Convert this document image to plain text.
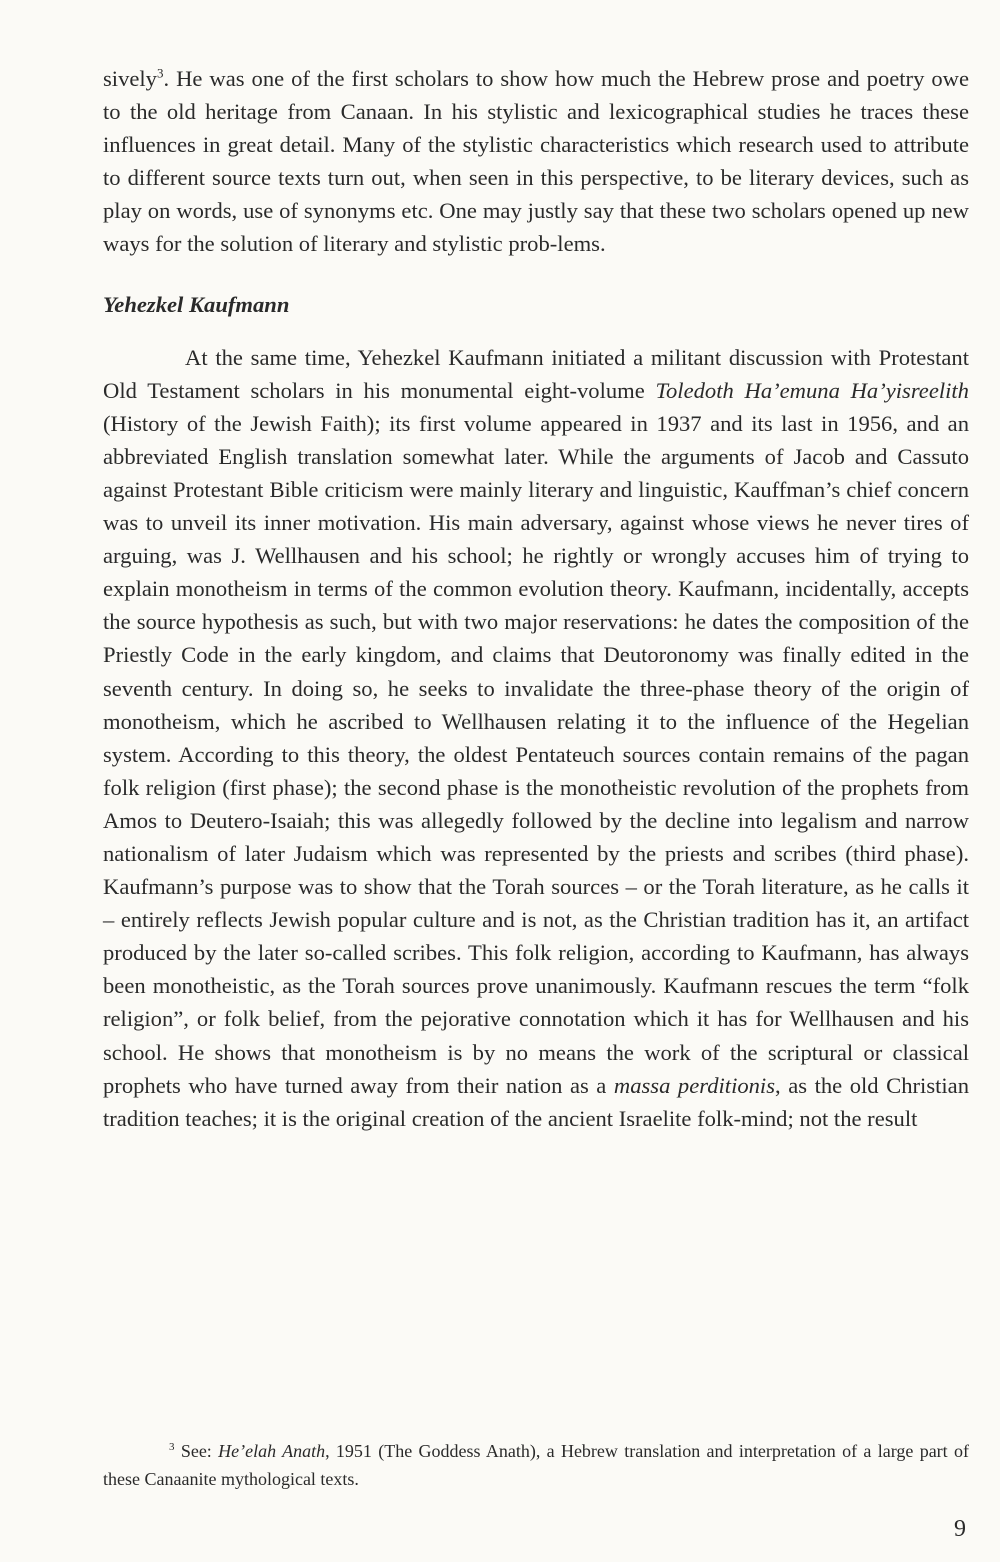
sively$^3$. He was one of the first scholars to show how much the Hebrew prose and poetry owe to the old heritage from Canaan. In his stylistic and lexicographical studies he traces these influences in great detail. Many of the stylistic characteristics which research used to attribute to different source texts turn out, when seen in this perspective, to be literary devices, such as play on words, use of synonyms etc. One may justly say that these two scholars opened up new ways for the solution of literary and stylistic prob-lems.

Yehezkel Kaufmann

At the same time, Yehezkel Kaufmann initiated a militant discussion with Protestant Old Testament scholars in his monumental eight-volume Toledoth Ha’emuna Ha’yisreelith (History of the Jewish Faith); its first volume appeared in 1937 and its last in 1956, and an abbreviated English translation somewhat later. While the arguments of Jacob and Cassuto against Protestant Bible criticism were mainly literary and linguistic, Kauffman’s chief concern was to unveil its inner motivation. His main adversary, against whose views he never tires of arguing, was J. Wellhausen and his school; he rightly or wrongly accuses him of trying to explain monotheism in terms of the common evolution theory. Kaufmann, incidentally, accepts the source hypothesis as such, but with two major reservations: he dates the composition of the Priestly Code in the early kingdom, and claims that Deutoronomy was finally edited in the seventh century. In doing so, he seeks to invalidate the three-phase theory of the origin of monotheism, which he ascribed to Wellhausen relating it to the influence of the Hegelian system. According to this theory, the oldest Pentateuch sources contain remains of the pagan folk religion (first phase); the second phase is the monotheistic revolution of the prophets from Amos to Deutero-Isaiah; this was allegedly followed by the decline into legalism and narrow nationalism of later Judaism which was represented by the priests and scribes (third phase). Kaufmann’s purpose was to show that the Torah sources – or the Torah literature, as he calls it – entirely reflects Jewish popular culture and is not, as the Christian tradition has it, an artifact produced by the later so-called scribes. This folk religion, according to Kaufmann, has always been monotheistic, as the Torah sources prove unanimously. Kaufmann rescues the term “folk religion”, or folk belief, from the pejorative connotation which it has for Wellhausen and his school. He shows that monotheism is by no means the work of the scriptural or classical prophets who have turned away from their nation as a massa perditionis, as the old Christian tradition teaches; it is the original creation of the ancient Israelite folk-mind; not the result

$^3$ See: He’elah Anath, 1951 (The Goddess Anath), a Hebrew translation and interpretation of a large part of these Canaanite mythological texts.
9
